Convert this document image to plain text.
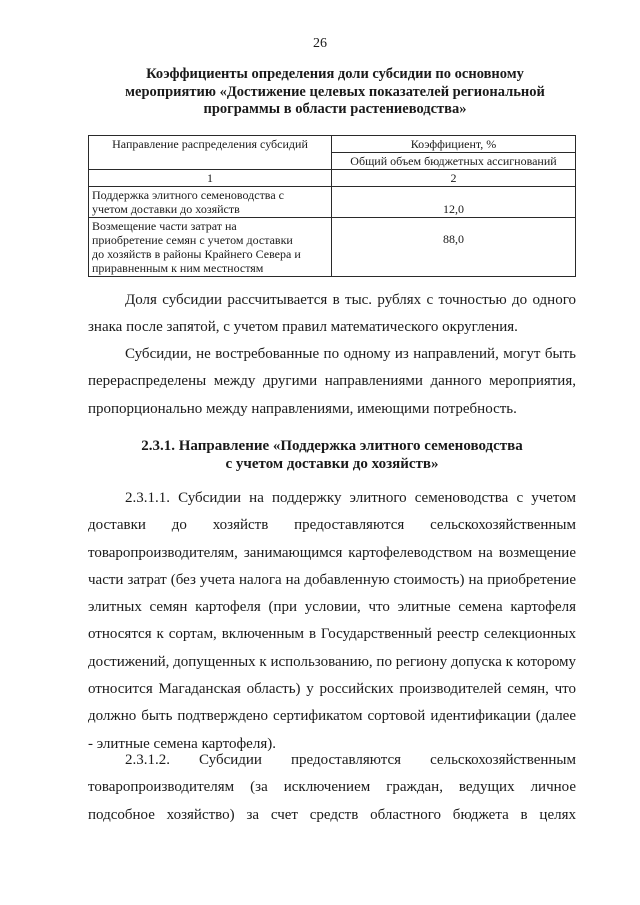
26
Коэффициенты определения доли субсидии по основному
мероприятию «Достижение целевых показателей региональной
программы в области растениеводства»
Направление распределения субсидий	Коэффициент, %
	Общий объем бюджетных ассигнований
1	2

Поддержка элитного семеноводства с
учетом доставки до хозяйств	12,0

Возмещение части затрат на
приобретение семян с учетом доставки
до хозяйств в районы Крайнего Севера и
приравненным к ним местностям	88,0
Доля субсидии рассчитывается в тыс. рублях с точностью до одного
знака после запятой, с учетом правил математического округления.
Субсидии, не востребованные по одному из направлений, могут быть
перераспределены между другими направлениями данного мероприятия,
пропорционально между направлениями, имеющими потребность.
2.3.1. Направление «Поддержка элитного семеноводства
с учетом доставки до хозяйств»
2.3.1.1. Субсидии на поддержку элитного семеноводства с учетом
доставки до хозяйств предоставляются сельскохозяйственным
товаропроизводителям, занимающимся картофелеводством на возмещение
части затрат (без учета налога на добавленную стоимость) на приобретение
элитных семян картофеля (при условии, что элитные семена картофеля
относятся к сортам, включенным в Государственный реестр селекционных
достижений, допущенных к использованию, по региону допуска к которому
относится Магаданская область) у российских производителей семян, что
должно быть подтверждено сертификатом сортовой идентификации (далее
- элитные семена картофеля).
2.3.1.2. Субсидии предоставляются сельскохозяйственным
товаропроизводителям (за исключением граждан, ведущих личное
подсобное хозяйство) за счет средств областного бюджета в целях
